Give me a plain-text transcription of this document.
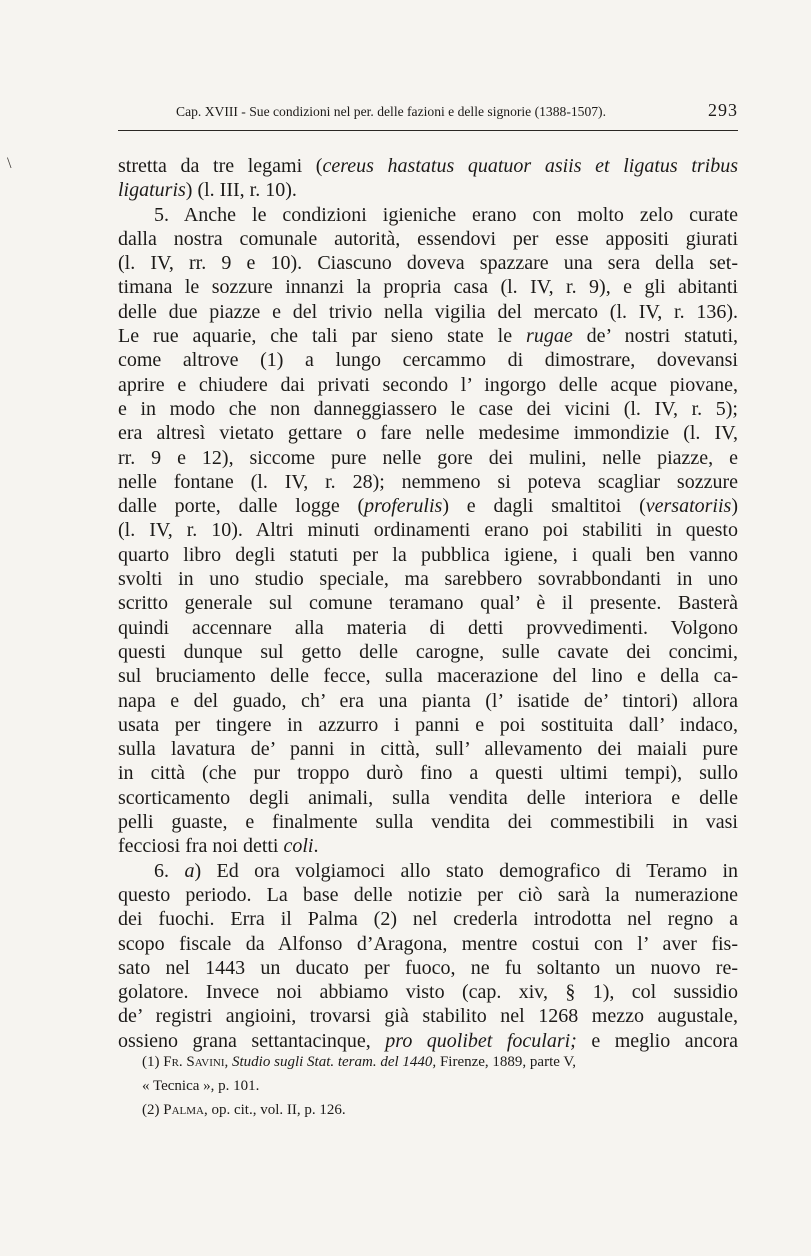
\
Cap. XVIII - Sue condizioni nel per. delle fazioni e delle signorie (1388-1507).	293
stretta da tre legami (cereus hastatus quatuor asiis et ligatus tribus
ligaturis) (l. III, r. 10).
5. Anche le condizioni igieniche erano con molto zelo curate
dalla nostra comunale autorità, essendovi per esse appositi giurati
(l. IV, rr. 9 e 10). Ciascuno doveva spazzare una sera della set-
timana le sozzure innanzi la propria casa (l. IV, r. 9), e gli abitanti
delle due piazze e del trivio nella vigilia del mercato (l. IV, r. 136).
Le rue aquarie, che tali par sieno state le rugae de’ nostri statuti,
come altrove (1) a lungo cercammo di dimostrare, dovevansi
aprire e chiudere dai privati secondo l’ ingorgo delle acque piovane,
e in modo che non danneggiassero le case dei vicini (l. IV, r. 5);
era altresì vietato gettare o fare nelle medesime immondizie (l. IV,
rr. 9 e 12), siccome pure nelle gore dei mulini, nelle piazze, e
nelle fontane (l. IV, r. 28); nemmeno si poteva scagliar sozzure
dalle porte, dalle logge (proferulis) e dagli smaltitoi (versatoriis)
(l. IV, r. 10). Altri minuti ordinamenti erano poi stabiliti in questo
quarto libro degli statuti per la pubblica igiene, i quali ben vanno
svolti in uno studio speciale, ma sarebbero sovrabbondanti in uno
scritto generale sul comune teramano qual’ è il presente. Basterà
quindi accennare alla materia di detti provvedimenti. Volgono
questi dunque sul getto delle carogne, sulle cavate dei concimi,
sul bruciamento delle fecce, sulla macerazione del lino e della ca-
napa e del guado, ch’ era una pianta (l’ isatide de’ tintori) allora
usata per tingere in azzurro i panni e poi sostituita dall’ indaco,
sulla lavatura de’ panni in città, sull’ allevamento dei maiali pure
in città (che pur troppo durò fino a questi ultimi tempi), sullo
scorticamento degli animali, sulla vendita delle interiora e delle
pelli guaste, e finalmente sulla vendita dei commestibili in vasi
fecciosi fra noi detti coli.
6. a) Ed ora volgiamoci allo stato demografico di Teramo in
questo periodo. La base delle notizie per ciò sarà la numerazione
dei fuochi. Erra il Palma (2) nel crederla introdotta nel regno a
scopo fiscale da Alfonso d’Aragona, mentre costui con l’ aver fis-
sato nel 1443 un ducato per fuoco, ne fu soltanto un nuovo re-
golatore. Invece noi abbiamo visto (cap. xiv, § 1), col sussidio
de’ registri angioini, trovarsi già stabilito nel 1268 mezzo augustale,
ossieno grana settantacinque, pro quolibet foculari; e meglio ancora
(1) Fr. Savini, Studio sugli Stat. teram. del 1440, Firenze, 1889, parte V,
« Tecnica », p. 101.
(2) Palma, op. cit., vol. II, p. 126.
